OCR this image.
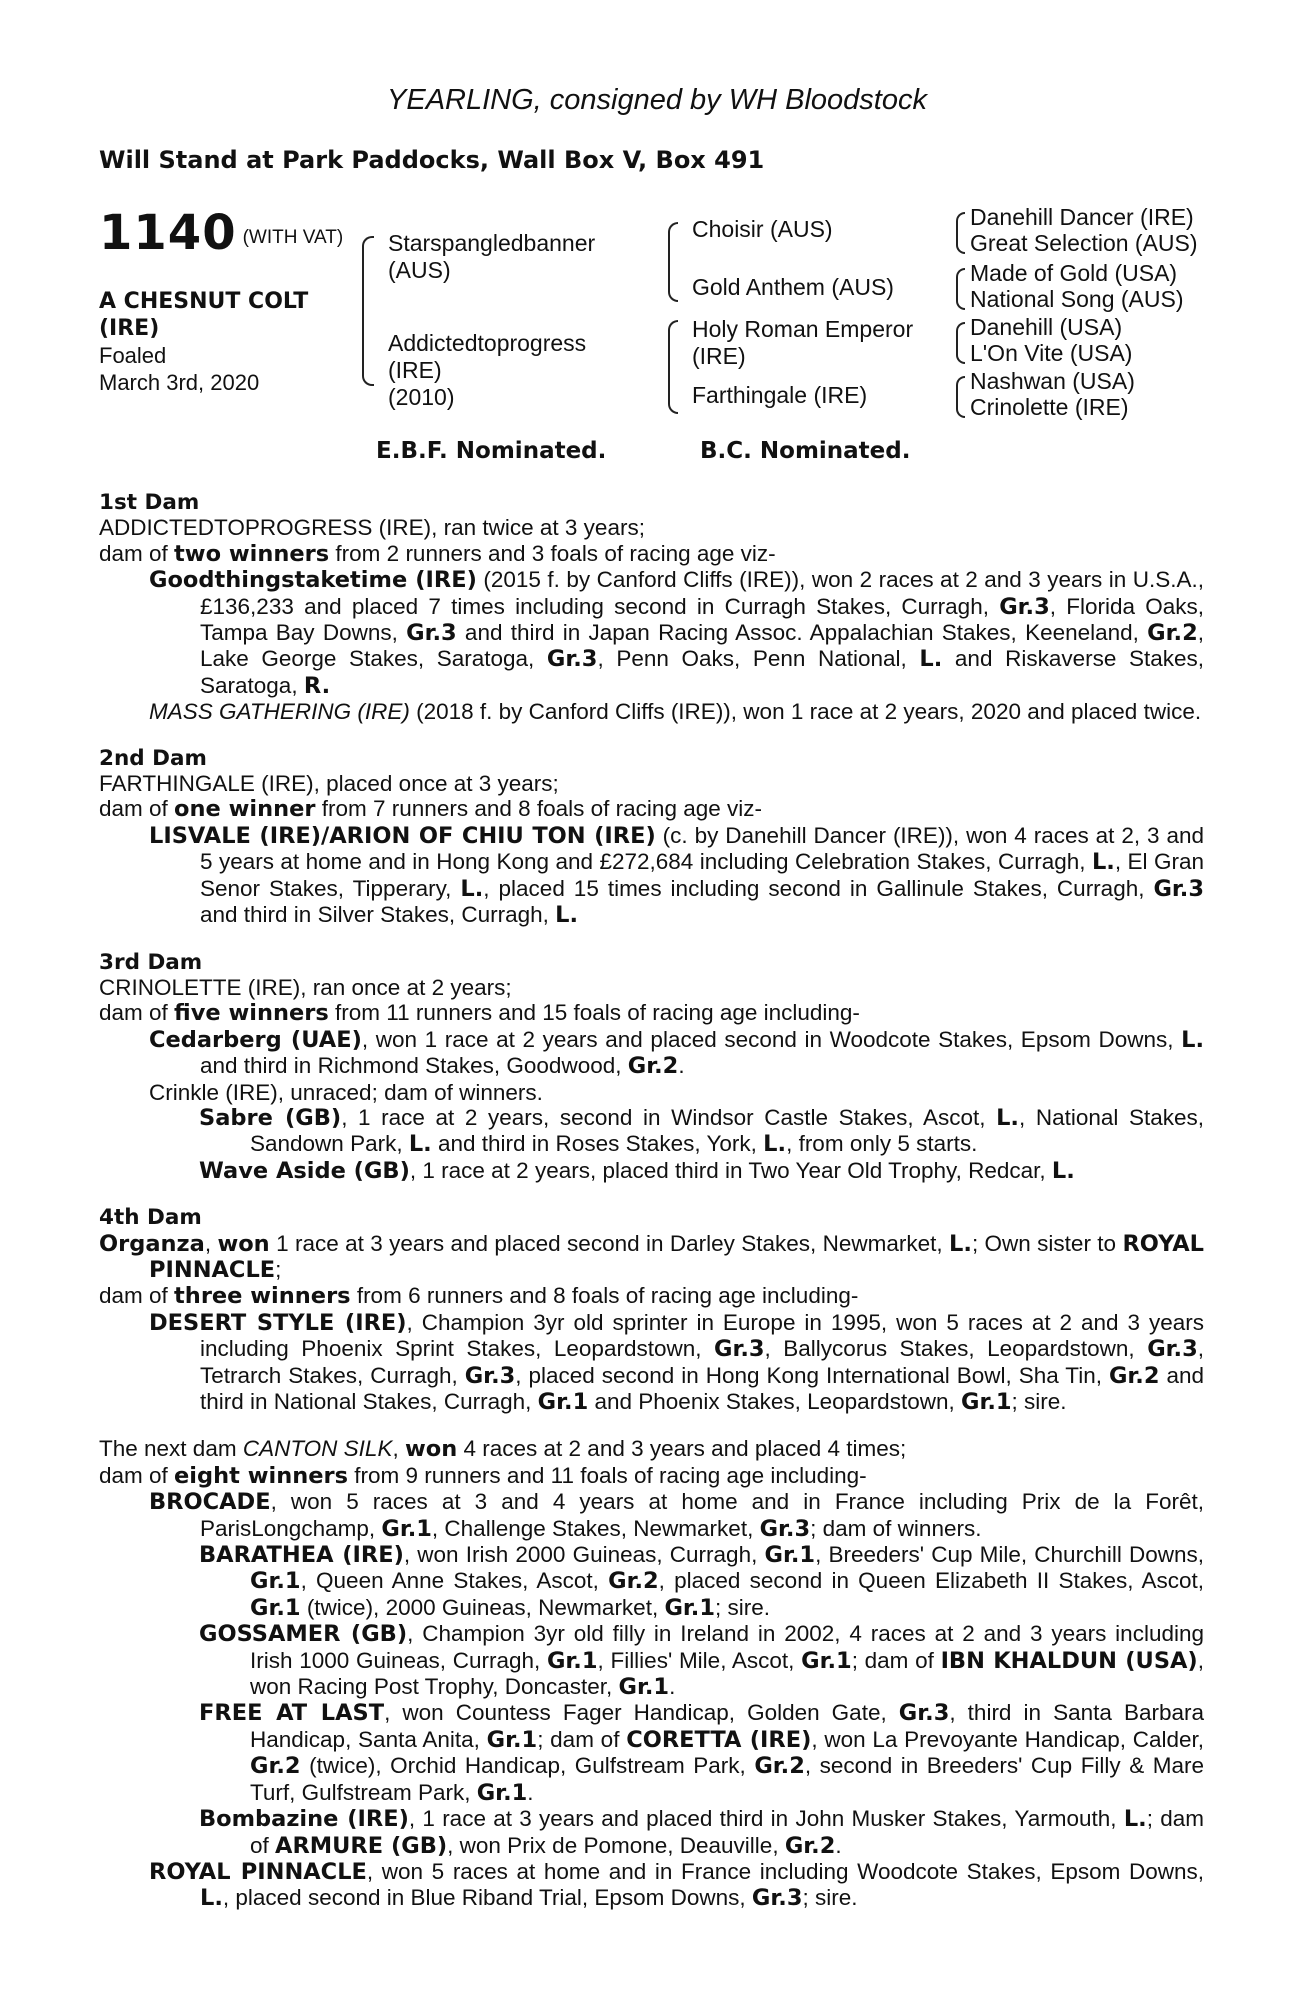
YEARLING, consigned by WH Bloodstock
Will Stand at Park Paddocks, Wall Box V, Box 491
1140 (WITH VAT)
A CHESNUT COLT
(IRE)
Foaled
March 3rd, 2020
Starspangledbanner
(AUS)
Addictedtoprogress
(IRE)
(2010)
Choisir (AUS)
Gold Anthem (AUS)
Holy Roman Emperor
(IRE)
Farthingale (IRE)
Danehill Dancer (IRE)
Great Selection (AUS)
Made of Gold (USA)
National Song (AUS)
Danehill (USA)
L'On Vite (USA)
Nashwan (USA)
Crinolette (IRE)
E.B.F. Nominated.	B.C. Nominated.

1st Dam

ADDICTEDTOPROGRESS (IRE), ran twice at 3 years;

dam of two winners from 2 runners and 3 foals of racing age viz-

Goodthingstaketime (IRE) (2015 f. by Canford Cliffs (IRE)), won 2 races at 2 and 3 years in U.S.A., £136,233 and placed 7 times including second in Curragh Stakes, Curragh, Gr.3, Florida Oaks, Tampa Bay Downs, Gr.3 and third in Japan Racing Assoc. Appalachian Stakes, Keeneland, Gr.2, Lake George Stakes, Saratoga, Gr.3, Penn Oaks, Penn National, L. and Riskaverse Stakes, Saratoga, R.

MASS GATHERING (IRE) (2018 f. by Canford Cliffs (IRE)), won 1 race at 2 years, 2020 and placed twice.

2nd Dam

FARTHINGALE (IRE), placed once at 3 years;

dam of one winner from 7 runners and 8 foals of racing age viz-

LISVALE (IRE)/ARION OF CHIU TON (IRE) (c. by Danehill Dancer (IRE)), won 4 races at 2, 3 and 5 years at home and in Hong Kong and £272,684 including Celebration Stakes, Curragh, L., El Gran Senor Stakes, Tipperary, L., placed 15 times including second in Gallinule Stakes, Curragh, Gr.3 and third in Silver Stakes, Curragh, L.

3rd Dam

CRINOLETTE (IRE), ran once at 2 years;

dam of five winners from 11 runners and 15 foals of racing age including-

Cedarberg (UAE), won 1 race at 2 years and placed second in Woodcote Stakes, Epsom Downs, L. and third in Richmond Stakes, Goodwood, Gr.2.

Crinkle (IRE), unraced; dam of winners.

Sabre (GB), 1 race at 2 years, second in Windsor Castle Stakes, Ascot, L., National Stakes, Sandown Park, L. and third in Roses Stakes, York, L., from only 5 starts.

Wave Aside (GB), 1 race at 2 years, placed third in Two Year Old Trophy, Redcar, L.

4th Dam

Organza, won 1 race at 3 years and placed second in Darley Stakes, Newmarket, L.; Own sister to ROYAL PINNACLE;

dam of three winners from 6 runners and 8 foals of racing age including-

DESERT STYLE (IRE), Champion 3yr old sprinter in Europe in 1995, won 5 races at 2 and 3 years including Phoenix Sprint Stakes, Leopardstown, Gr.3, Ballycorus Stakes, Leopardstown, Gr.3, Tetrarch Stakes, Curragh, Gr.3, placed second in Hong Kong International Bowl, Sha Tin, Gr.2 and third in National Stakes, Curragh, Gr.1 and Phoenix Stakes, Leopardstown, Gr.1; sire.

The next dam CANTON SILK, won 4 races at 2 and 3 years and placed 4 times;

dam of eight winners from 9 runners and 11 foals of racing age including-

BROCADE, won 5 races at 3 and 4 years at home and in France including Prix de la Forêt, ParisLongchamp, Gr.1, Challenge Stakes, Newmarket, Gr.3; dam of winners.

BARATHEA (IRE), won Irish 2000 Guineas, Curragh, Gr.1, Breeders' Cup Mile, Churchill Downs, Gr.1, Queen Anne Stakes, Ascot, Gr.2, placed second in Queen Elizabeth II Stakes, Ascot, Gr.1 (twice), 2000 Guineas, Newmarket, Gr.1; sire.

GOSSAMER (GB), Champion 3yr old filly in Ireland in 2002, 4 races at 2 and 3 years including Irish 1000 Guineas, Curragh, Gr.1, Fillies' Mile, Ascot, Gr.1; dam of IBN KHALDUN (USA), won Racing Post Trophy, Doncaster, Gr.1.

FREE AT LAST, won Countess Fager Handicap, Golden Gate, Gr.3, third in Santa Barbara Handicap, Santa Anita, Gr.1; dam of CORETTA (IRE), won La Prevoyante Handicap, Calder, Gr.2 (twice), Orchid Handicap, Gulfstream Park, Gr.2, second in Breeders' Cup Filly & Mare Turf, Gulfstream Park, Gr.1.

Bombazine (IRE), 1 race at 3 years and placed third in John Musker Stakes, Yarmouth, L.; dam of ARMURE (GB), won Prix de Pomone, Deauville, Gr.2.

ROYAL PINNACLE, won 5 races at home and in France including Woodcote Stakes, Epsom Downs, L., placed second in Blue Riband Trial, Epsom Downs, Gr.3; sire.
